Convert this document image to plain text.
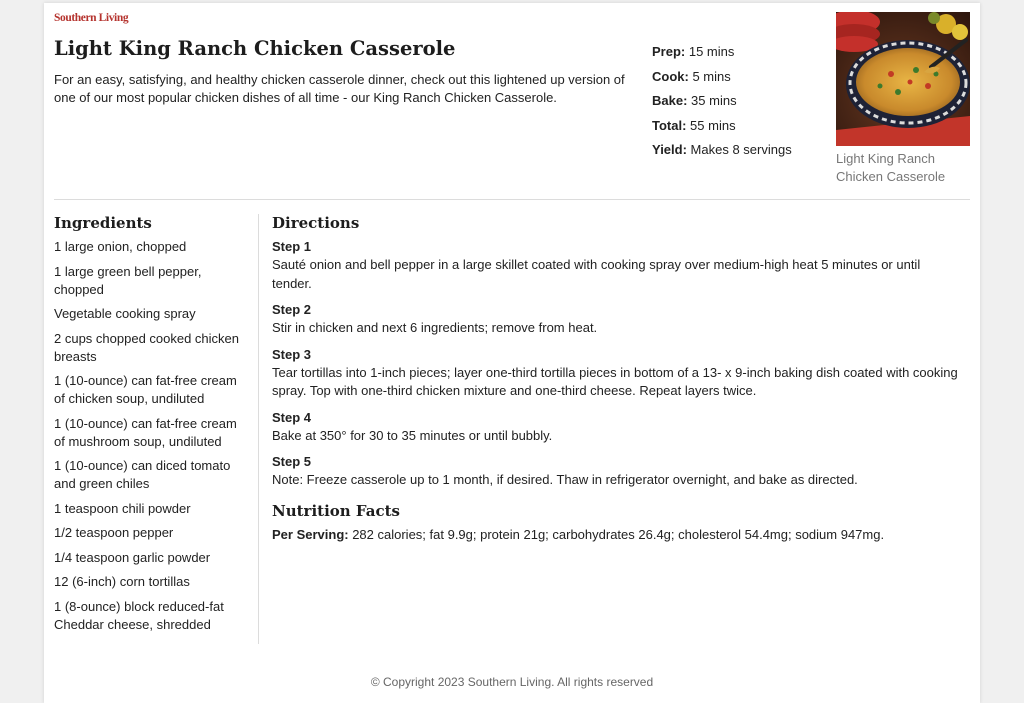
Southern Living
Light King Ranch Chicken Casserole

For an easy, satisfying, and healthy chicken casserole dinner, check out this lightened up version of one of our most popular chicken dishes of all time - our King Ranch Chicken Casserole.

Prep: 15 mins
Cook: 5 mins
Bake: 35 mins
Total: 55 mins
Yield: Makes 8 servings
Light King Ranch Chicken Casserole
Ingredients
1 large onion, chopped
1 large green bell pepper, chopped
Vegetable cooking spray
2 cups chopped cooked chicken breasts
1 (10-ounce) can fat-free cream of chicken soup, undiluted
1 (10-ounce) can fat-free cream of mushroom soup, undiluted
1 (10-ounce) can diced tomato and green chiles
1 teaspoon chili powder
1/2 teaspoon pepper
1/4 teaspoon garlic powder
12 (6-inch) corn tortillas
1 (8-ounce) block reduced-fat Cheddar cheese, shredded
Directions
Step 1
Sauté onion and bell pepper in a large skillet coated with cooking spray over medium-high heat 5 minutes or until tender.
Step 2
Stir in chicken and next 6 ingredients; remove from heat.
Step 3
Tear tortillas into 1-inch pieces; layer one-third tortilla pieces in bottom of a 13- x 9-inch baking dish coated with cooking spray. Top with one-third chicken mixture and one-third cheese. Repeat layers twice.
Step 4
Bake at 350° for 30 to 35 minutes or until bubbly.
Step 5
Note: Freeze casserole up to 1 month, if desired. Thaw in refrigerator overnight, and bake as directed.
Nutrition Facts
Per Serving: 282 calories; fat 9.9g; protein 21g; carbohydrates 26.4g; cholesterol 54.4mg; sodium 947mg.
© Copyright 2023 Southern Living. All rights reserved
